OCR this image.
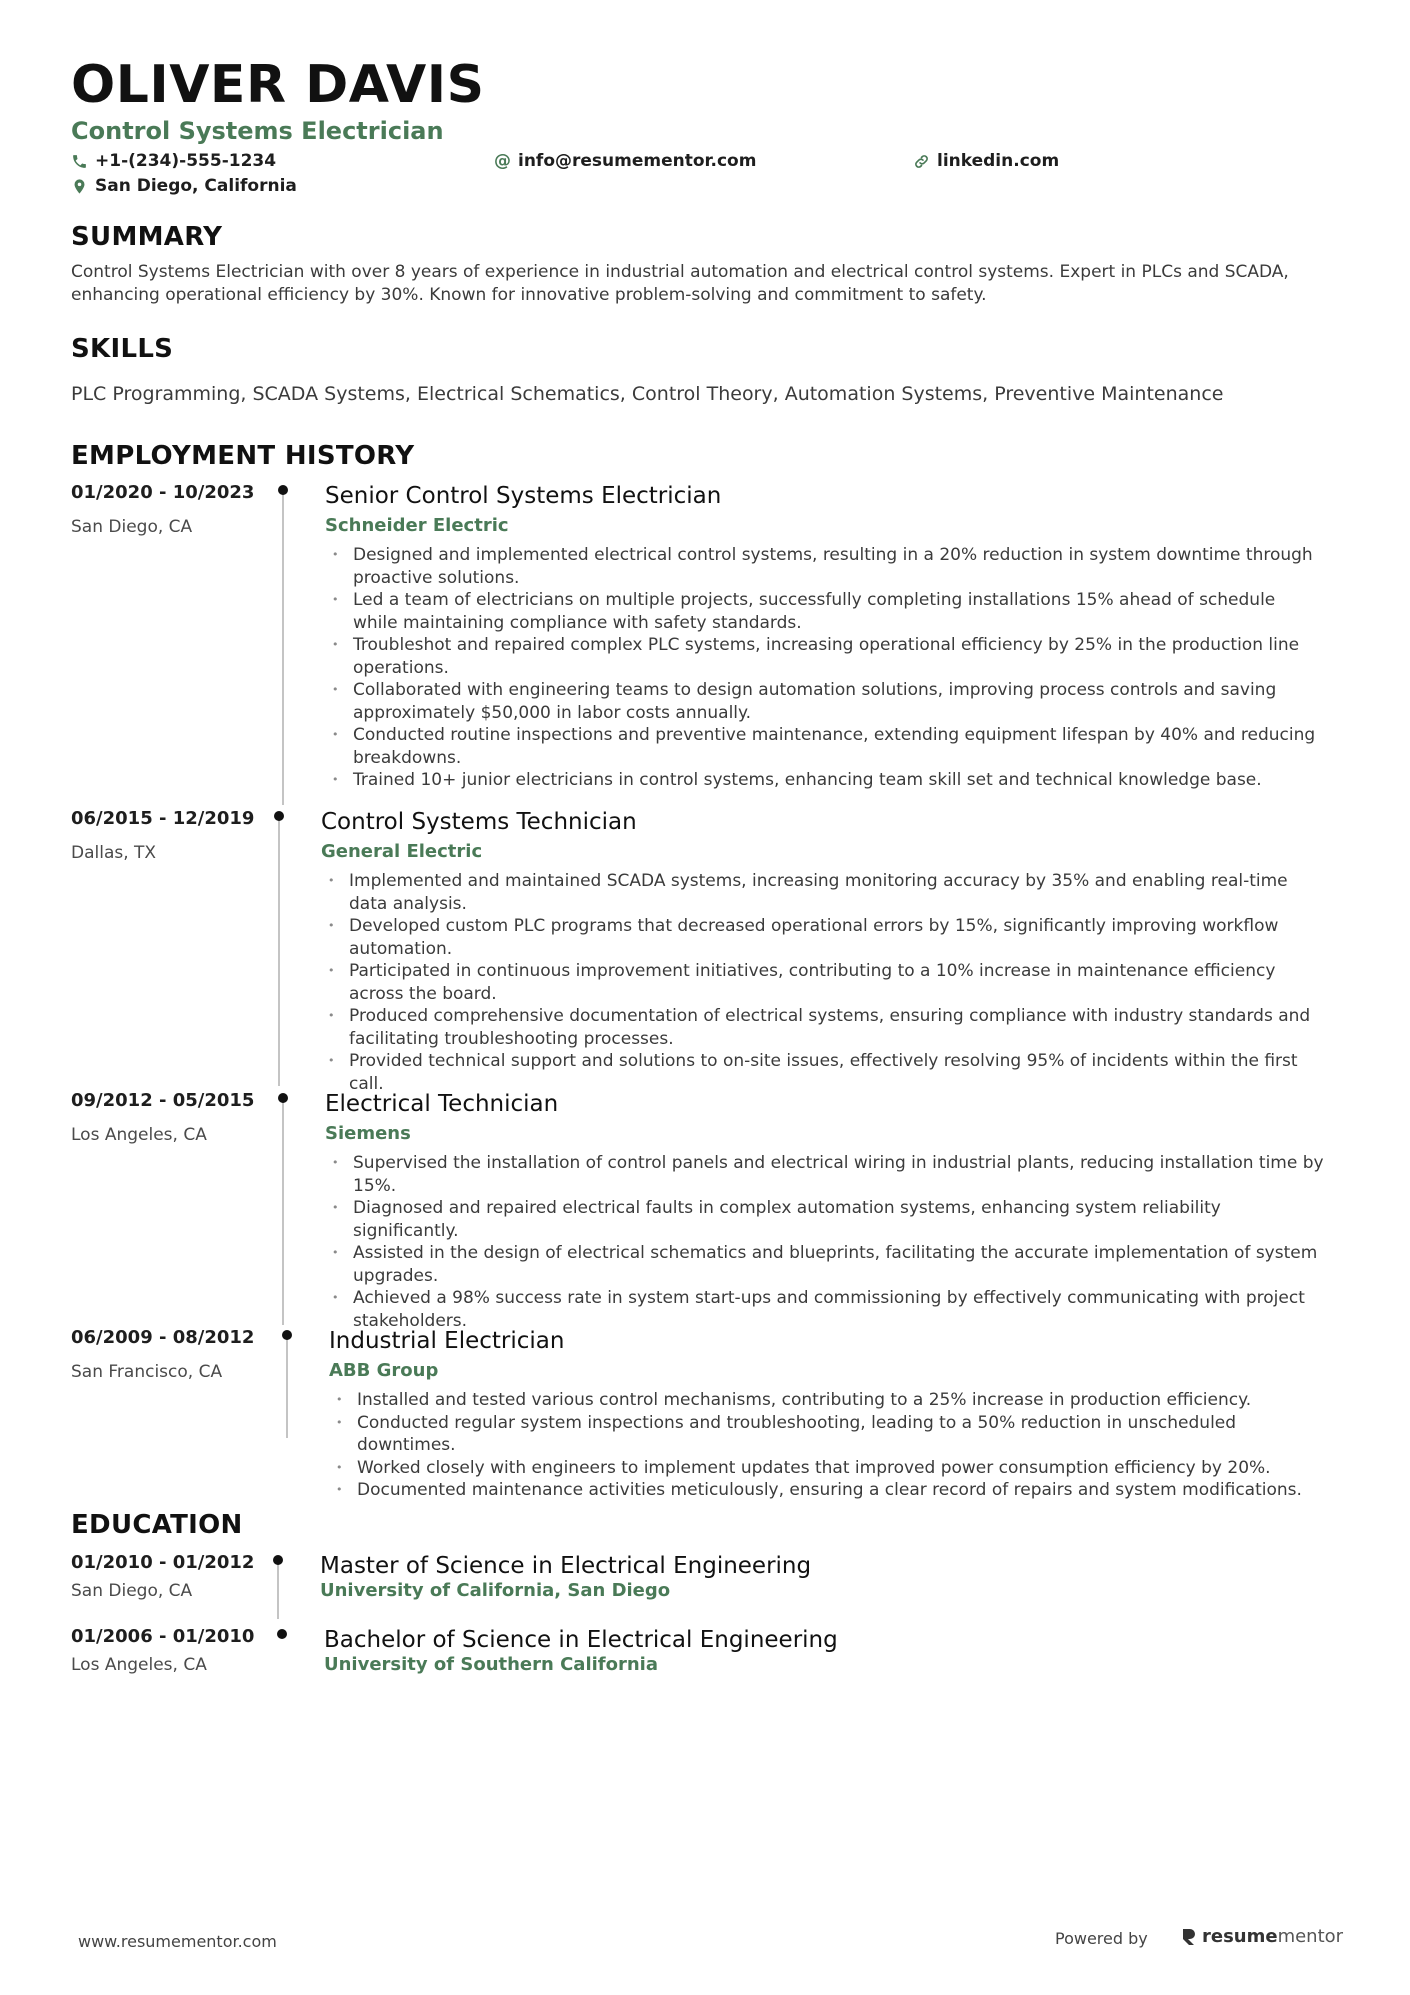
OLIVER DAVIS
Control Systems Electrician
+1-(234)-555-1234	@ info@resumementor.com	linkedin.com
San Diego, California
SUMMARY
Control Systems Electrician with over 8 years of experience in industrial automation and electrical control systems. Expert in PLCs and SCADA, enhancing operational efficiency by 30%. Known for innovative problem-solving and commitment to safety.
SKILLS
PLC Programming, SCADA Systems, Electrical Schematics, Control Theory, Automation Systems, Preventive Maintenance
EMPLOYMENT HISTORY
01/2020 - 10/2023
San Diego, CA
Senior Control Systems Electrician
Schneider Electric
• Designed and implemented electrical control systems, resulting in a 20% reduction in system downtime through proactive solutions.
• Led a team of electricians on multiple projects, successfully completing installations 15% ahead of schedule while maintaining compliance with safety standards.
• Troubleshot and repaired complex PLC systems, increasing operational efficiency by 25% in the production line operations.
• Collaborated with engineering teams to design automation solutions, improving process controls and saving approximately $50,000 in labor costs annually.
• Conducted routine inspections and preventive maintenance, extending equipment lifespan by 40% and reducing breakdowns.
• Trained 10+ junior electricians in control systems, enhancing team skill set and technical knowledge base.
06/2015 - 12/2019
Dallas, TX
Control Systems Technician
General Electric
• Implemented and maintained SCADA systems, increasing monitoring accuracy by 35% and enabling real-time data analysis.
• Developed custom PLC programs that decreased operational errors by 15%, significantly improving workflow automation.
• Participated in continuous improvement initiatives, contributing to a 10% increase in maintenance efficiency across the board.
• Produced comprehensive documentation of electrical systems, ensuring compliance with industry standards and facilitating troubleshooting processes.
• Provided technical support and solutions to on-site issues, effectively resolving 95% of incidents within the first call.
09/2012 - 05/2015
Los Angeles, CA
Electrical Technician
Siemens
• Supervised the installation of control panels and electrical wiring in industrial plants, reducing installation time by 15%.
• Diagnosed and repaired electrical faults in complex automation systems, enhancing system reliability significantly.
• Assisted in the design of electrical schematics and blueprints, facilitating the accurate implementation of system upgrades.
• Achieved a 98% success rate in system start-ups and commissioning by effectively communicating with project stakeholders.
06/2009 - 08/2012
San Francisco, CA
Industrial Electrician
ABB Group
• Installed and tested various control mechanisms, contributing to a 25% increase in production efficiency.
• Conducted regular system inspections and troubleshooting, leading to a 50% reduction in unscheduled downtimes.
• Worked closely with engineers to implement updates that improved power consumption efficiency by 20%.
• Documented maintenance activities meticulously, ensuring a clear record of repairs and system modifications.
EDUCATION
01/2010 - 01/2012
San Diego, CA
Master of Science in Electrical Engineering
University of California, San Diego
01/2006 - 01/2010
Los Angeles, CA
Bachelor of Science in Electrical Engineering
University of Southern California
www.resumementor.com	Powered by	resumementor
